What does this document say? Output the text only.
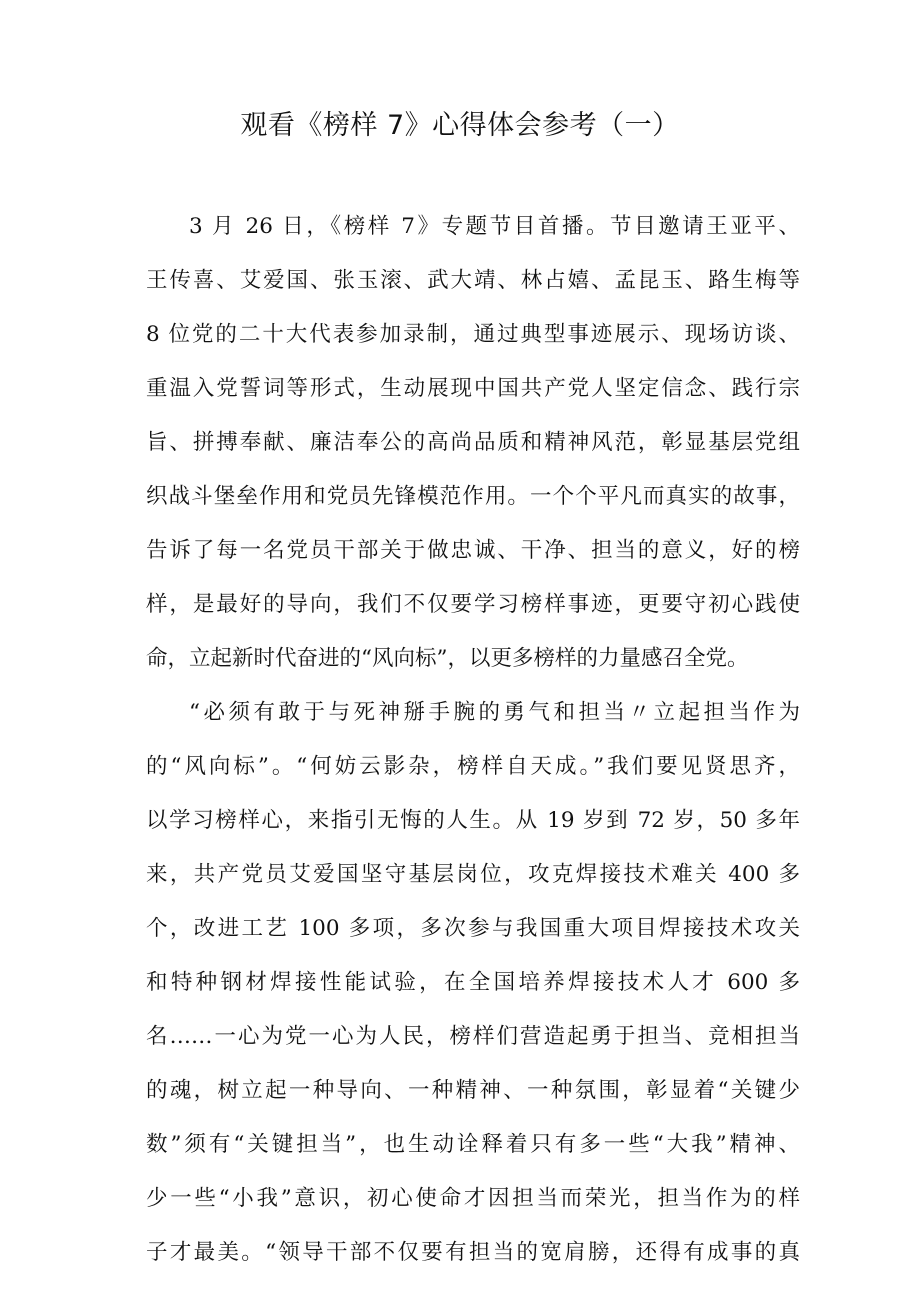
观看《榜样 7》心得体会参考（一）
3 月 26 日，《榜样 7》专题节目首播。节目邀请王亚平、
王传喜、艾爱国、张玉滚、武大靖、林占嬉、孟昆玉、路生梅等
8 位党的二十大代表参加录制，通过典型事迹展示、现场访谈、
重温入党誓词等形式，生动展现中国共产党人坚定信念、践行宗
旨、拼搏奉献、廉洁奉公的高尚品质和精神风范，彰显基层党组
织战斗堡垒作用和党员先锋模范作用。一个个平凡而真实的故事，
告诉了每一名党员干部关于做忠诚、干净、担当的意义，好的榜
样，是最好的导向，我们不仅要学习榜样事迹，更要守初心践使
命，立起新时代奋进的“风向标”，以更多榜样的力量感召全党。
“必须有敢于与死神掰手腕的勇气和担当〃立起担当作为
的“风向标”。“何妨云影杂，榜样自天成。”我们要见贤思齐，
以学习榜样心，来指引无悔的人生。从 19 岁到 72 岁，50 多年
来，共产党员艾爱国坚守基层岗位，攻克焊接技术难关 400 多
个，改进工艺 100 多项，多次参与我国重大项目焊接技术攻关
和特种钢材焊接性能试验，在全国培养焊接技术人才 600 多
名……一心为党一心为人民，榜样们营造起勇于担当、竞相担当
的魂，树立起一种导向、一种精神、一种氛围，彰显着“关键少
数”须有“关键担当”，也生动诠释着只有多一些“大我”精神、
少一些“小我”意识，初心使命才因担当而荣光，担当作为的样
子才最美。“领导干部不仅要有担当的宽肩膀，还得有成事的真
